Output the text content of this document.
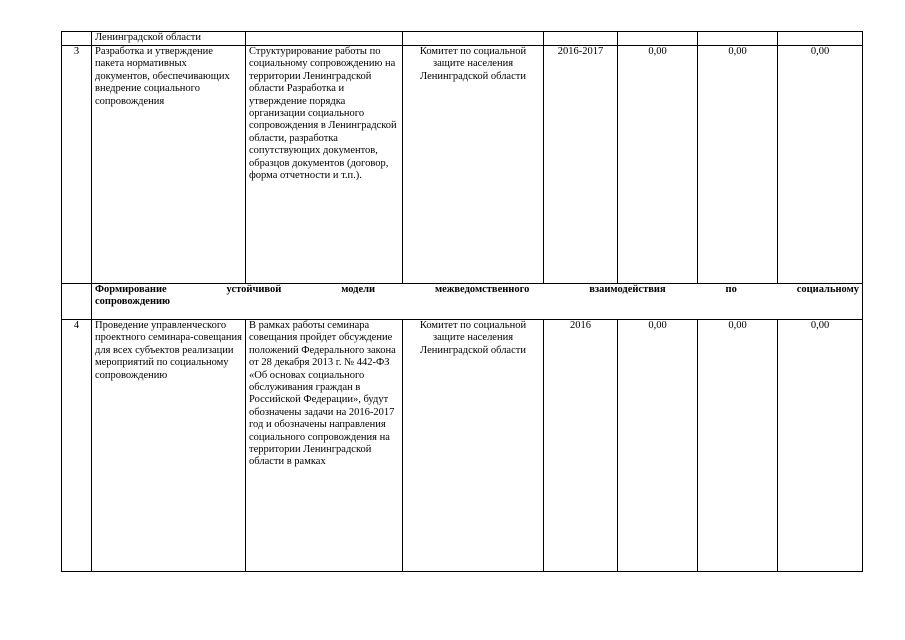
	Ленинградской области						
3	Разработка и утверждение пакета нормативных документов, обеспечивающих внедрение социального сопровождения	Структурирование работы по социальному сопровождению на территории Ленинградской области Разработка и утверждение порядка организации социального сопровождения в Ленинградской области, разработка сопутствующих документов, образцов документов (договор, форма отчетности и т.п.).	Комитет по социальной защите населения Ленинградской области	2016-2017	0,00	0,00	0,00

	Формирование устойчивой модели межведомственного взаимодействия по социальному
сопровождению						

4	Проведение управленческого проектного семинара-совещания для всех субъектов реализации мероприятий по социальному сопровождению	В рамках работы семинара совещания пройдет обсуждение положений Федерального закона от 28 декабря 2013 г. № 442-ФЗ «Об основах социального обслуживания граждан в Российской Федерации», будут обозначены задачи на 2016-2017 год и обозначены направления социального сопровождения на территории Ленинградской области в рамках	Комитет по социальной защите населения Ленинградской области	2016	0,00	0,00	0,00
